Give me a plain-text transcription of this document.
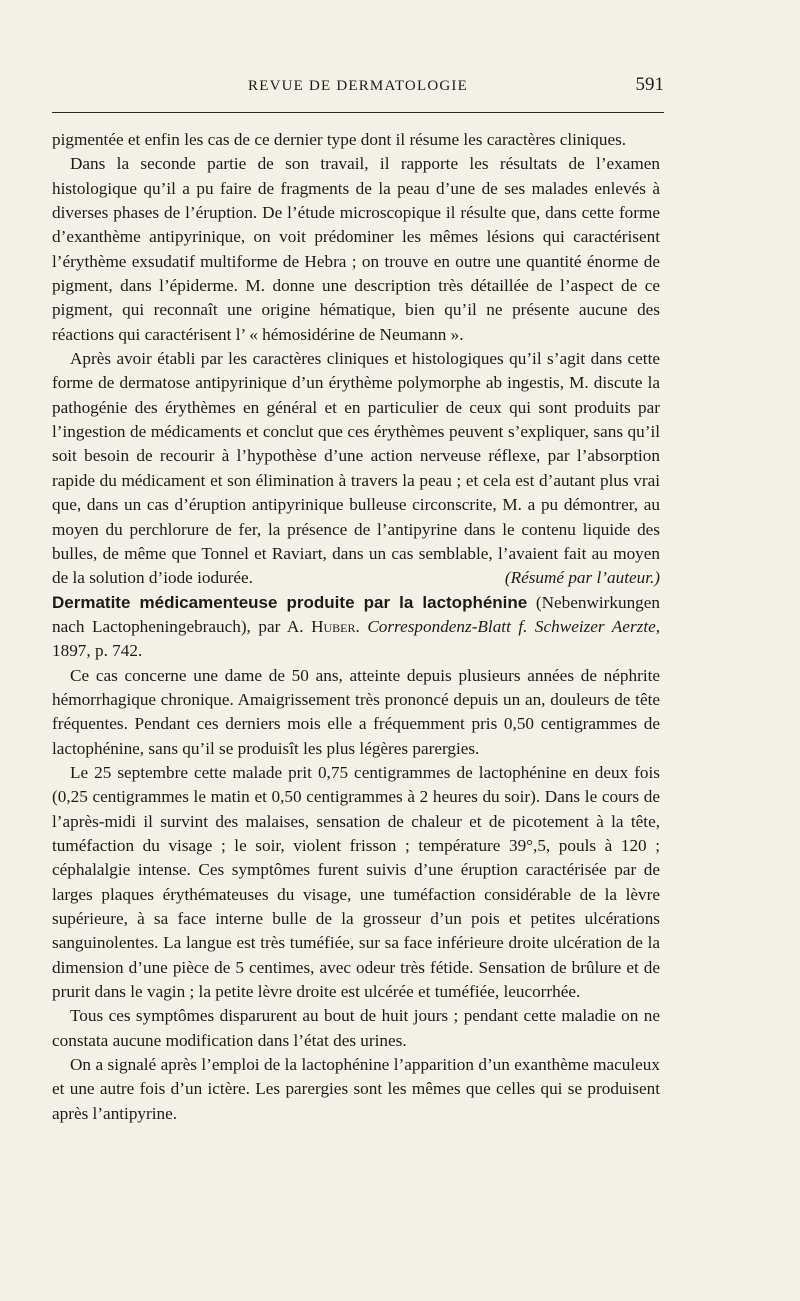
REVUE DE DERMATOLOGIE	591

pigmentée et enfin les cas de ce dernier type dont il résume les caractères cliniques.

Dans la seconde partie de son travail, il rapporte les résultats de l’examen histologique qu’il a pu faire de fragments de la peau d’une de ses malades enlevés à diverses phases de l’éruption. De l’étude microscopique il résulte que, dans cette forme d’exanthème antipyrinique, on voit prédominer les mêmes lésions qui caractérisent l’érythème exsudatif multiforme de Hebra ; on trouve en outre une quantité énorme de pigment, dans l’épiderme. M. donne une description très détaillée de l’aspect de ce pigment, qui reconnaît une origine hématique, bien qu’il ne présente aucune des réactions qui caractérisent l’ « hémosidérine de Neumann ».

Après avoir établi par les caractères cliniques et histologiques qu’il s’agit dans cette forme de dermatose antipyrinique d’un érythème polymorphe ab ingestis, M. discute la pathogénie des érythèmes en général et en particulier de ceux qui sont produits par l’ingestion de médicaments et conclut que ces érythèmes peuvent s’expliquer, sans qu’il soit besoin de recourir à l’hypothèse d’une action nerveuse réflexe, par l’absorption rapide du médicament et son élimination à travers la peau ; et cela est d’autant plus vrai que, dans un cas d’éruption antipyrinique bulleuse circonscrite, M. a pu démontrer, au moyen du perchlorure de fer, la présence de l’antipyrine dans le contenu liquide des bulles, de même que Tonnel et Raviart, dans un cas semblable, l’avaient fait au moyen de la solution d’iode iodurée.	(Résumé par l’auteur.)

Dermatite médicamenteuse produite par la lactophénine (Nebenwirkungen nach Lactopheningebrauch), par A. Huber. Correspondenz-Blatt f. Schweizer Aerzte, 1897, p. 742.

Ce cas concerne une dame de 50 ans, atteinte depuis plusieurs années de néphrite hémorrhagique chronique. Amaigrissement très prononcé depuis un an, douleurs de tête fréquentes. Pendant ces derniers mois elle a fréquemment pris 0,50 centigrammes de lactophénine, sans qu’il se produisît les plus légères parergies.

Le 25 septembre cette malade prit 0,75 centigrammes de lactophénine en deux fois (0,25 centigrammes le matin et 0,50 centigrammes à 2 heures du soir). Dans le cours de l’après-midi il survint des malaises, sensation de chaleur et de picotement à la tête, tuméfaction du visage ; le soir, violent frisson ; température 39°,5, pouls à 120 ; céphalalgie intense. Ces symptômes furent suivis d’une éruption caractérisée par de larges plaques érythémateuses du visage, une tuméfaction considérable de la lèvre supérieure, à sa face interne bulle de la grosseur d’un pois et petites ulcérations sanguinolentes. La langue est très tuméfiée, sur sa face inférieure droite ulcération de la dimension d’une pièce de 5 centimes, avec odeur très fétide. Sensation de brûlure et de prurit dans le vagin ; la petite lèvre droite est ulcérée et tuméfiée, leucorrhée.

Tous ces symptômes disparurent au bout de huit jours ; pendant cette maladie on ne constata aucune modification dans l’état des urines.

On a signalé après l’emploi de la lactophénine l’apparition d’un exanthème maculeux et une autre fois d’un ictère. Les parergies sont les mêmes que celles qui se produisent après l’antipyrine.
